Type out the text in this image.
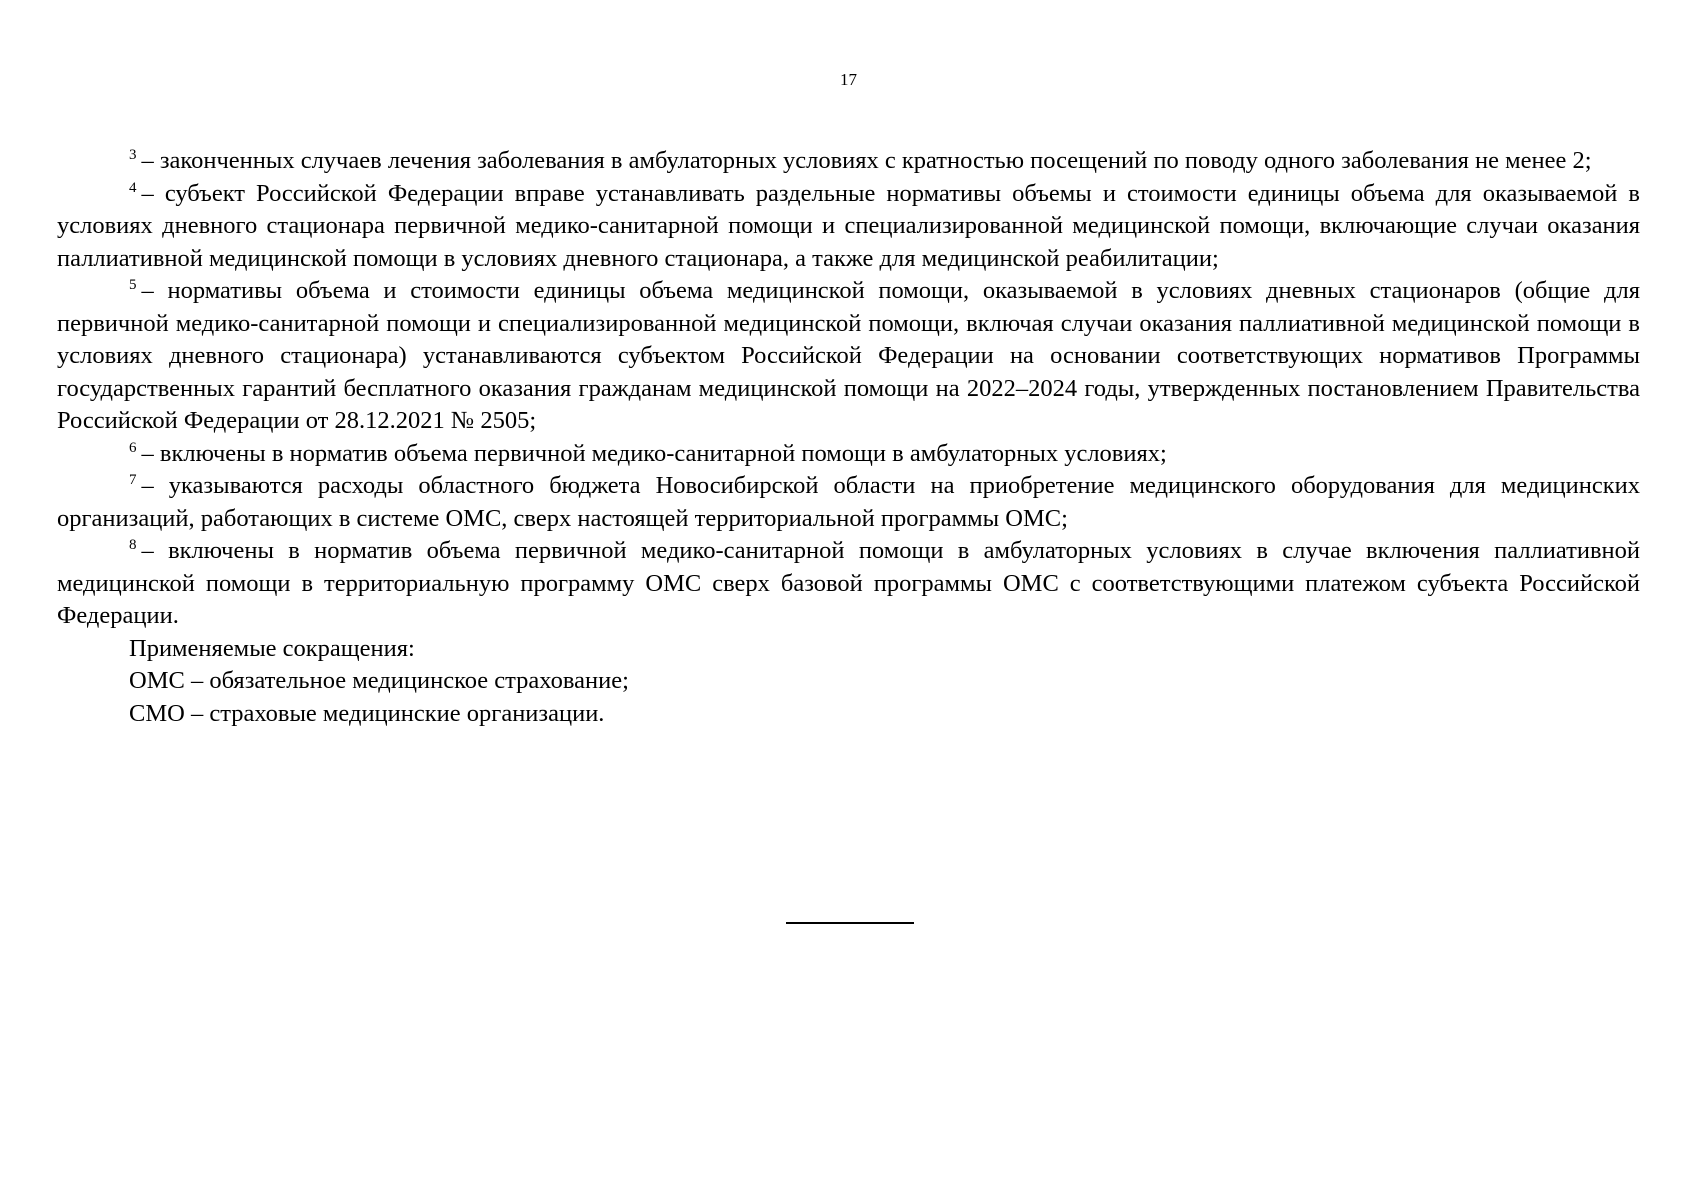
17

$^3$ – законченных случаев лечения заболевания в амбулаторных условиях с кратностью посещений по поводу одного заболевания не менее 2;

$^4$ – субъект Российской Федерации вправе устанавливать раздельные нормативы объемы и стоимости единицы объема для оказываемой в условиях дневного стационара первичной медико-санитарной помощи и специализированной медицинской помощи, включающие случаи оказания паллиативной медицинской помощи в условиях дневного стационара, а также для медицинской реабилитации;

$^5$ – нормативы объема и стоимости единицы объема медицинской помощи, оказываемой в условиях дневных стационаров (общие для первичной медико-санитарной помощи и специализированной медицинской помощи, включая случаи оказания паллиативной медицинской помощи в условиях дневного стационара) устанавливаются субъектом Российской Федерации на основании соответствующих нормативов Программы государственных гарантий бесплатного оказания гражданам медицинской помощи на 2022–2024 годы, утвержденных постановлением Правительства Российской Федерации от 28.12.2021 № 2505;

$^6$ – включены в норматив объема первичной медико-санитарной помощи в амбулаторных условиях;

$^7$ – указываются расходы областного бюджета Новосибирской области на приобретение медицинского оборудования для медицинских организаций, работающих в системе ОМС, сверх настоящей территориальной программы ОМС;

$^8$ – включены в норматив объема первичной медико-санитарной помощи в амбулаторных условиях в случае включения паллиативной медицинской помощи в территориальную программу ОМС сверх базовой программы ОМС с соответствующими платежом субъекта Российской Федерации.

Применяемые сокращения:

ОМС – обязательное медицинское страхование;

СМО – страховые медицинские организации.
